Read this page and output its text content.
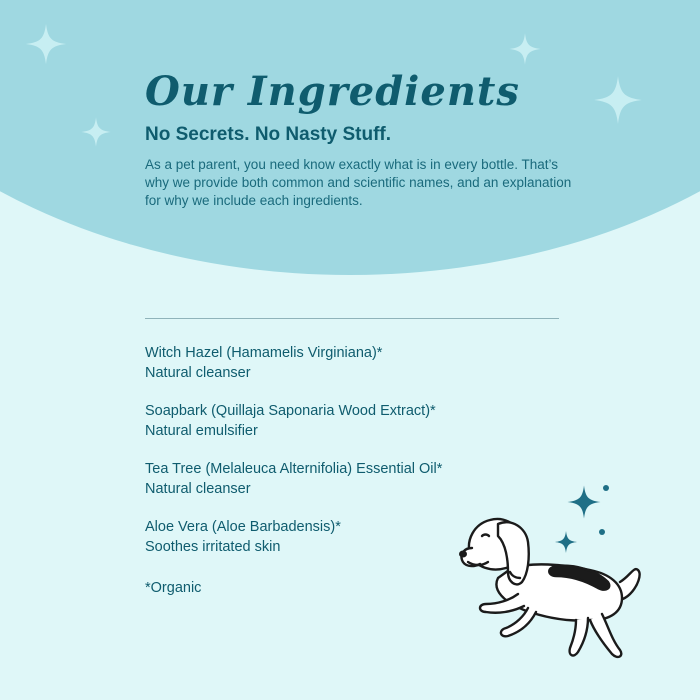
Our Ingredients
No Secrets. No Nasty Stuff.

As a pet parent, you need know exactly what is in every bottle. That’s why we provide both common and scientific names, and an explanation for why we include each ingredients.

Witch Hazel (Hamamelis Virginiana)*
Natural cleanser
Soapbark (Quillaja Saponaria Wood Extract)*
Natural emulsifier
Tea Tree (Melaleuca Alternifolia) Essential Oil*
Natural cleanser
Aloe Vera (Aloe Barbadensis)*
Soothes irritated skin
*Organic
